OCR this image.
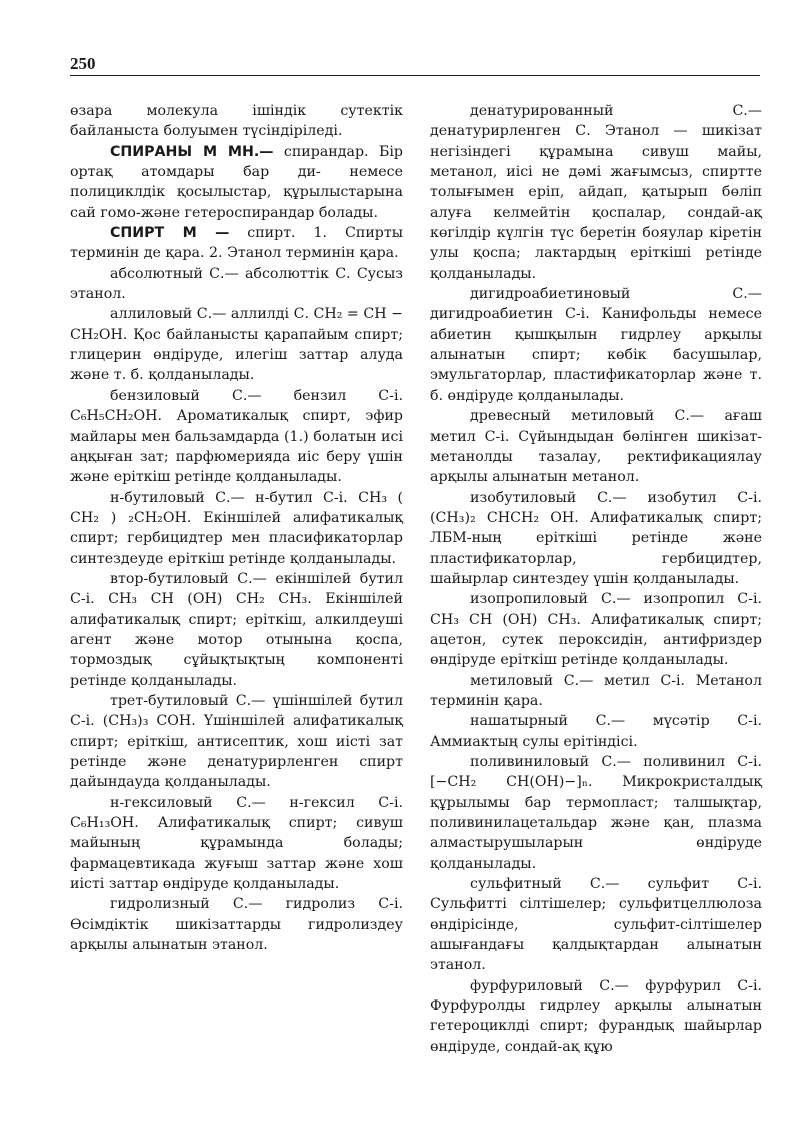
250

өзара молекула ішіндік сутектік байланыста болуымен түсіндіріледі.

СПИРАНЫ М МН.— спирандар. Бір ортақ атомдары бар ди- немесе полициклдік қосылыстар, құрылыстарына сай гомо-және гетероспирандар болады.

СПИРТ М — спирт. 1. Спирты терминін де қара. 2. Этанол терминін қара.

абсолютный С.— абсолюттік С. Сусыз этанол.

аллиловый С.— аллилді С. CH₂ = CH − CH₂OH. Қос байланысты қарапайым спирт; глицерин өндіруде, илегіш заттар алуда және т. б. қолданылады.

бензиловый С.— бензил С-і. C₆H₅CH₂OH. Ароматикалық спирт, эфир майлары мен бальзамдарда (1.) болатын исі аңқыған зат; парфюмерияда иіс беру үшін және еріткіш ретінде қолданылады.

н-бутиловый С.— н-бутил С-і. CH₃ ( CH₂ ) ₂CH₂OH. Екіншілей алифатикалық спирт; гербицидтер мен пласификаторлар синтездеуде еріткіш ретінде қолданылады.

втор-бутиловый С.— екіншілей бутил С-і. CH₃ CH (OH) CH₂ CH₃. Екіншілей алифатикалық спирт; еріткіш, алкилдеуші агент және мотор отынына қоспа, тормоздық сұйықтықтың компоненті ретінде қолданылады.

трет-бутиловый С.— үшіншілей бутил С-і. (CH₃)₃ COH. Үшіншілей алифатикалық спирт; еріткіш, антисептик, хош иісті зат ретінде және денатурирленген спирт дайындауда қолданылады.

н-гексиловый С.— н-гексил С-і. C₆H₁₃OH. Алифатикалық спирт; сивуш майының құрамында болады; фармацевтикада жуғыш заттар және хош иісті заттар өндіруде қолданылады.

гидролизный С.— гидролиз С-і. Өсімдіктік шикізаттарды гидролиздеу арқылы алынатын этанол.

денатурированный С.— денатурирленген С. Этанол — шикізат негізіндегі құрамына сивуш майы, метанол, иісі не дәмі жағымсыз, спиртте толығымен еріп, айдап, қатырып бөліп алуға келмейтін қоспалар, сондай-ақ көгілдір күлгін түс беретін бояулар кіретін улы қоспа; лактардың еріткіші ретінде қолданылады.

дигидроабиетиновый С.— дигидроабиетин С-і. Канифольды немесе абиетин қышқылын гидрлеу арқылы алынатын спирт; көбік басушылар, эмульгаторлар, пластификаторлар және т. б. өндіруде қолданылады.

древесный метиловый С.— ағаш метил С-і. Сүйындыдан бөлінген шикізат-метанолды тазалау, ректификациялау арқылы алынатын метанол.

изобутиловый С.— изобутил С-і. (CH₃)₂ CHCH₂ OH. Алифатикалық спирт; ЛБМ-ның еріткіші ретінде және пластификаторлар, гербицидтер, шайырлар синтездеу үшін қолданылады.

изопропиловый С.— изопропил С-і. CH₃ CH (OH) CH₃. Алифатикалық спирт; ацетон, сутек пероксидін, антифриздер өндіруде еріткіш ретінде қолданылады.

метиловый С.— метил С-і. Метанол терминін қара.

нашатырный С.— мүсәтір С-і. Аммиактың сулы ерітіндісі.

поливиниловый С.— поливинил С-і. [−CH₂ CH(OH)−]ₙ. Микрокристалдық құрылымы бар термопласт; талшықтар, поливинилацетальдар және қан, плазма алмастырушыларын өндіруде қолданылады.

сульфитный С.— сульфит С-і. Сульфитті сілтішелер; сульфитцеллюлоза өндірісінде, сульфит-сілтішелер ашығандағы қалдықтардан алынатын этанол.

фурфуриловый С.— фурфурил С-і. Фурфуролды гидрлеу арқылы алынатын гетероциклді спирт; фурандық шайырлар өндіруде, сондай-ақ құю
